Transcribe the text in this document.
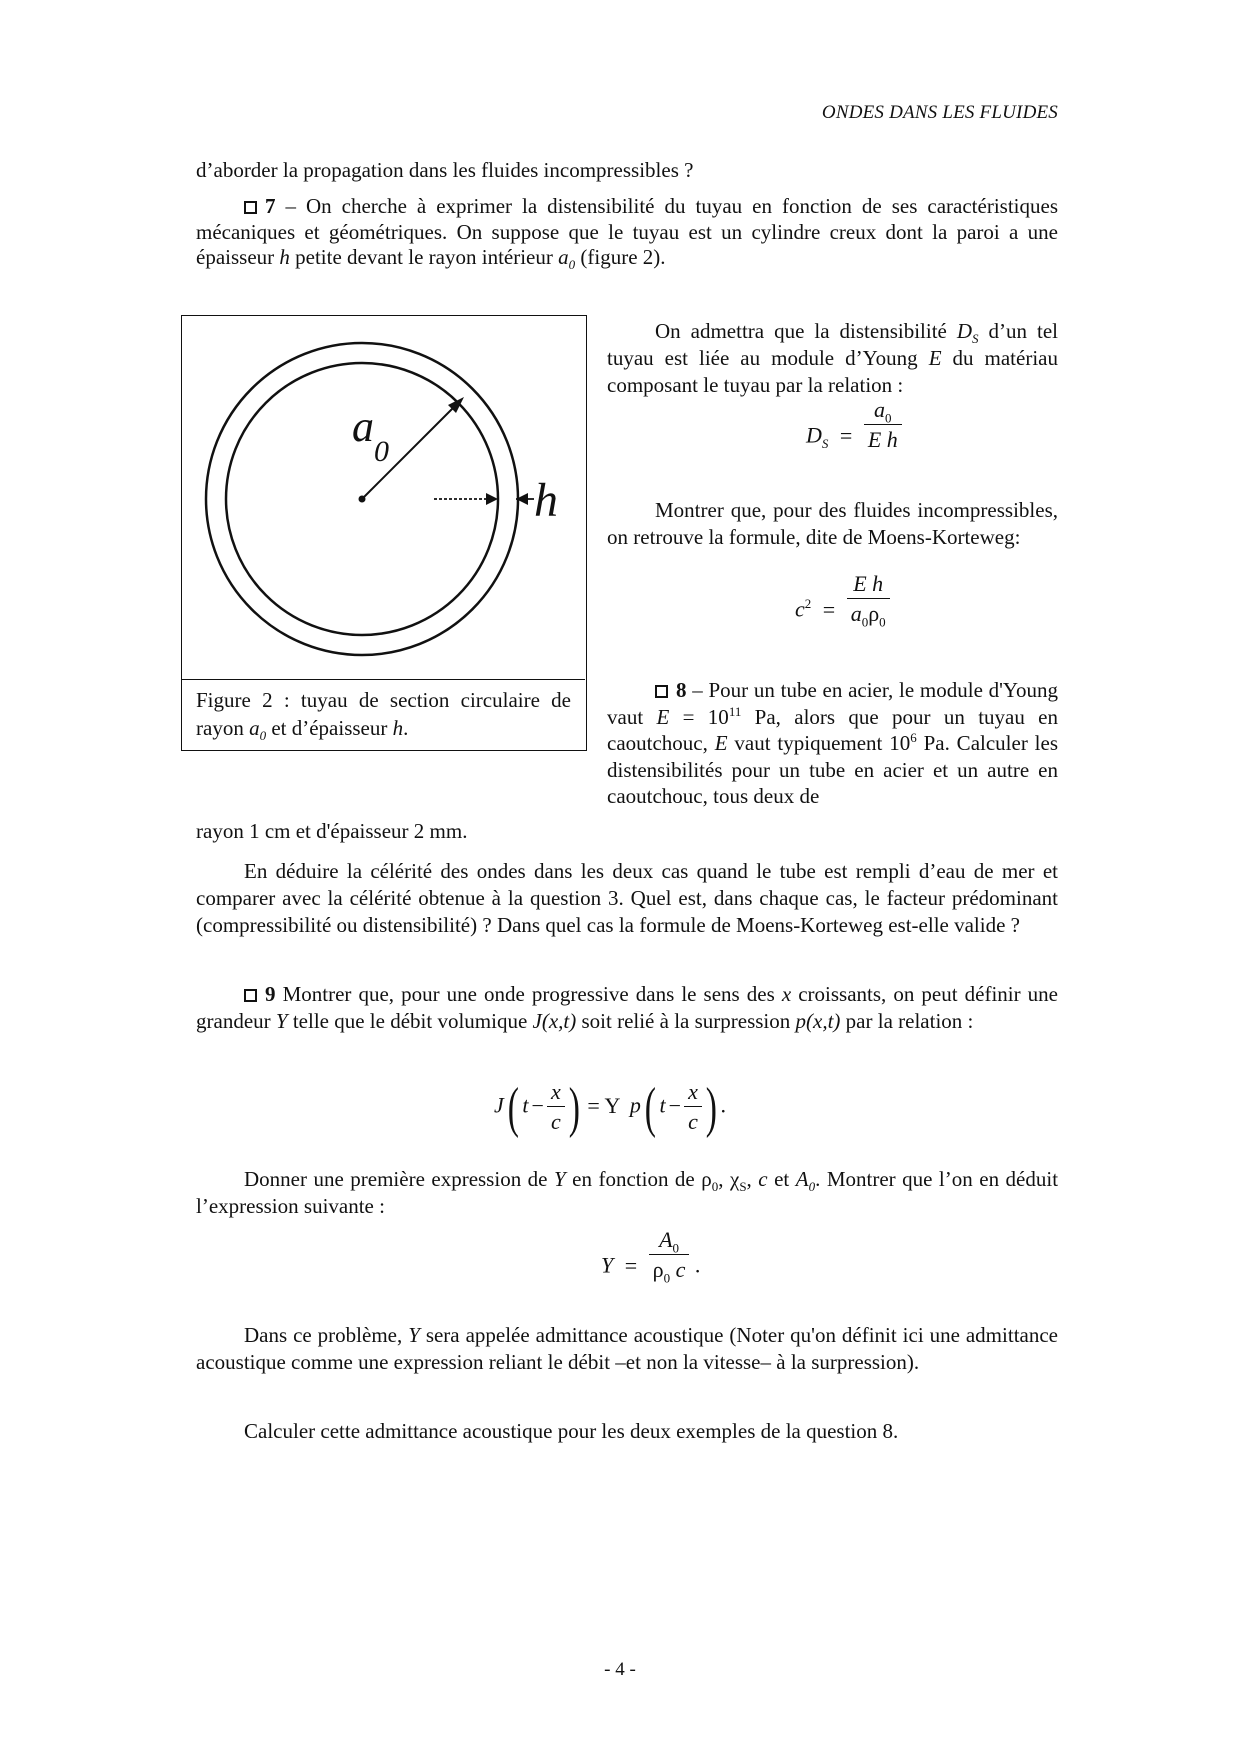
ONDES DANS LES FLUIDES
d’aborder la propagation dans les fluides incompressibles ?
7 – On cherche à exprimer la distensibilité du tuyau en fonction de ses caractéristiques mécaniques et géométriques. On suppose que le tuyau est un cylindre creux dont la paroi a une épaisseur h petite devant le rayon intérieur $a_0$ (figure 2).
a
0
h
Figure 2 : tuyau de section circulaire de rayon $a_0$ et d’épaisseur h.
On admettra que la distensibilité $D_S$ d’un tel tuyau est liée au module d’Young E du matériau composant le tuyau par la relation :
$D_S = \frac{a_0}{\text{E h}}$
Montrer que, pour des fluides incompressibles, on retrouve la formule, dite de Moens-Korteweg:
$c^2 = \frac{\text{E h}}{a_0\rho_0}$
8 – Pour un tube en acier, le module d'Young vaut $E = 10^{11}$ Pa, alors que pour un tuyau en caoutchouc, E vaut typiquement $10^6$ Pa. Calculer les distensibilités pour un tube en acier et un autre en caoutchouc, tous deux de
rayon 1 cm et d'épaisseur 2 mm.
En déduire la célérité des ondes dans les deux cas quand le tube est rempli d’eau de mer et comparer avec la célérité obtenue à la question 3. Quel est, dans chaque cas, le facteur prédominant (compressibilité ou distensibilité) ? Dans quel cas la formule de Moens-Korteweg est-elle valide ?
9 Montrer que, pour une onde progressive dans le sens des x croissants, on peut définir une grandeur Y telle que le débit volumique J(x,t) soit relié à la surpression p(x,t) par la relation :
J( $t - \frac{x}{c}$ ) = Y p( $t - \frac{x}{c}$ ) .
Donner une première expression de Y en fonction de $\rho_0$, $\chi_S$, c et $A_0$. Montrer que l’on en déduit l’expression suivante :
$Y = \frac{A_0}{\rho_0 c}$ .
Dans ce problème, Y sera appelée admittance acoustique (Noter qu'on définit ici une admittance acoustique comme une expression reliant le débit –et non la vitesse– à la surpression).
Calculer cette admittance acoustique pour les deux exemples de la question 8.
- 4 -
